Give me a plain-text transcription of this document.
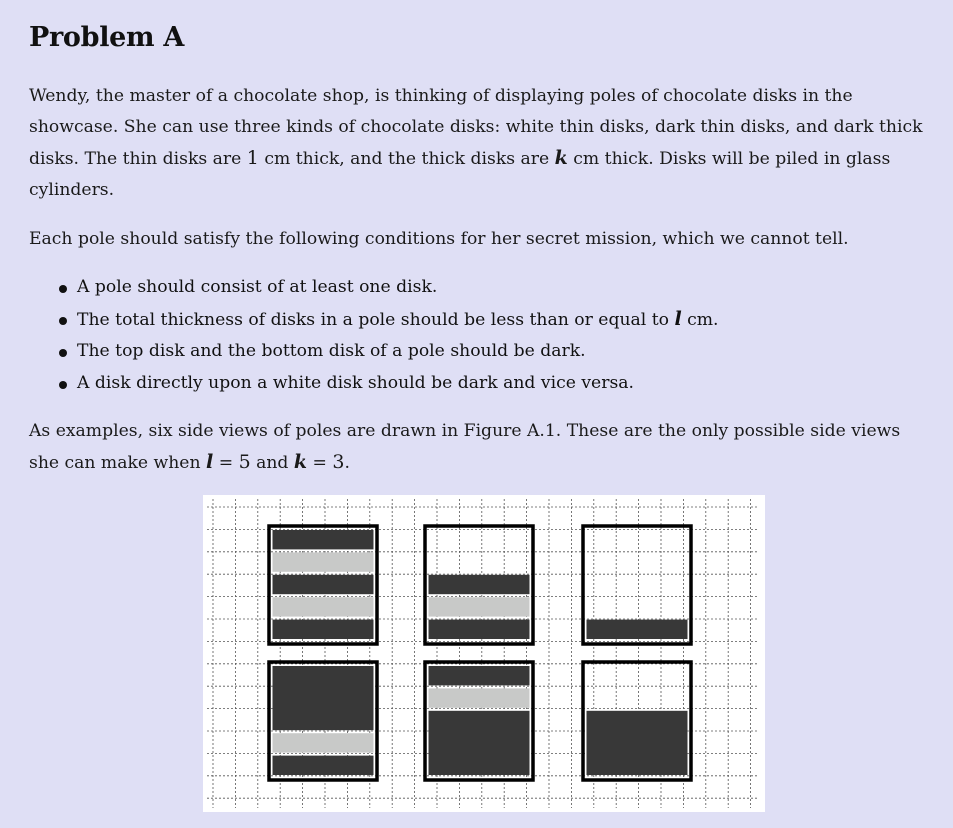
Problem A

Wendy, the master of a chocolate shop, is thinking of displaying poles of chocolate disks in the showcase. She can use three kinds of chocolate disks: white thin disks, dark thin disks, and dark thick disks. The thin disks are 1 cm thick, and the thick disks are k cm thick. Disks will be piled in glass cylinders.

Each pole should satisfy the following conditions for her secret mission, which we cannot tell.

A pole should consist of at least one disk.
The total thickness of disks in a pole should be less than or equal to l cm.
The top disk and the bottom disk of a pole should be dark.
A disk directly upon a white disk should be dark and vice versa.

As examples, six side views of poles are drawn in Figure A.1. These are the only possible side views she can make when l = 5 and k = 3.
